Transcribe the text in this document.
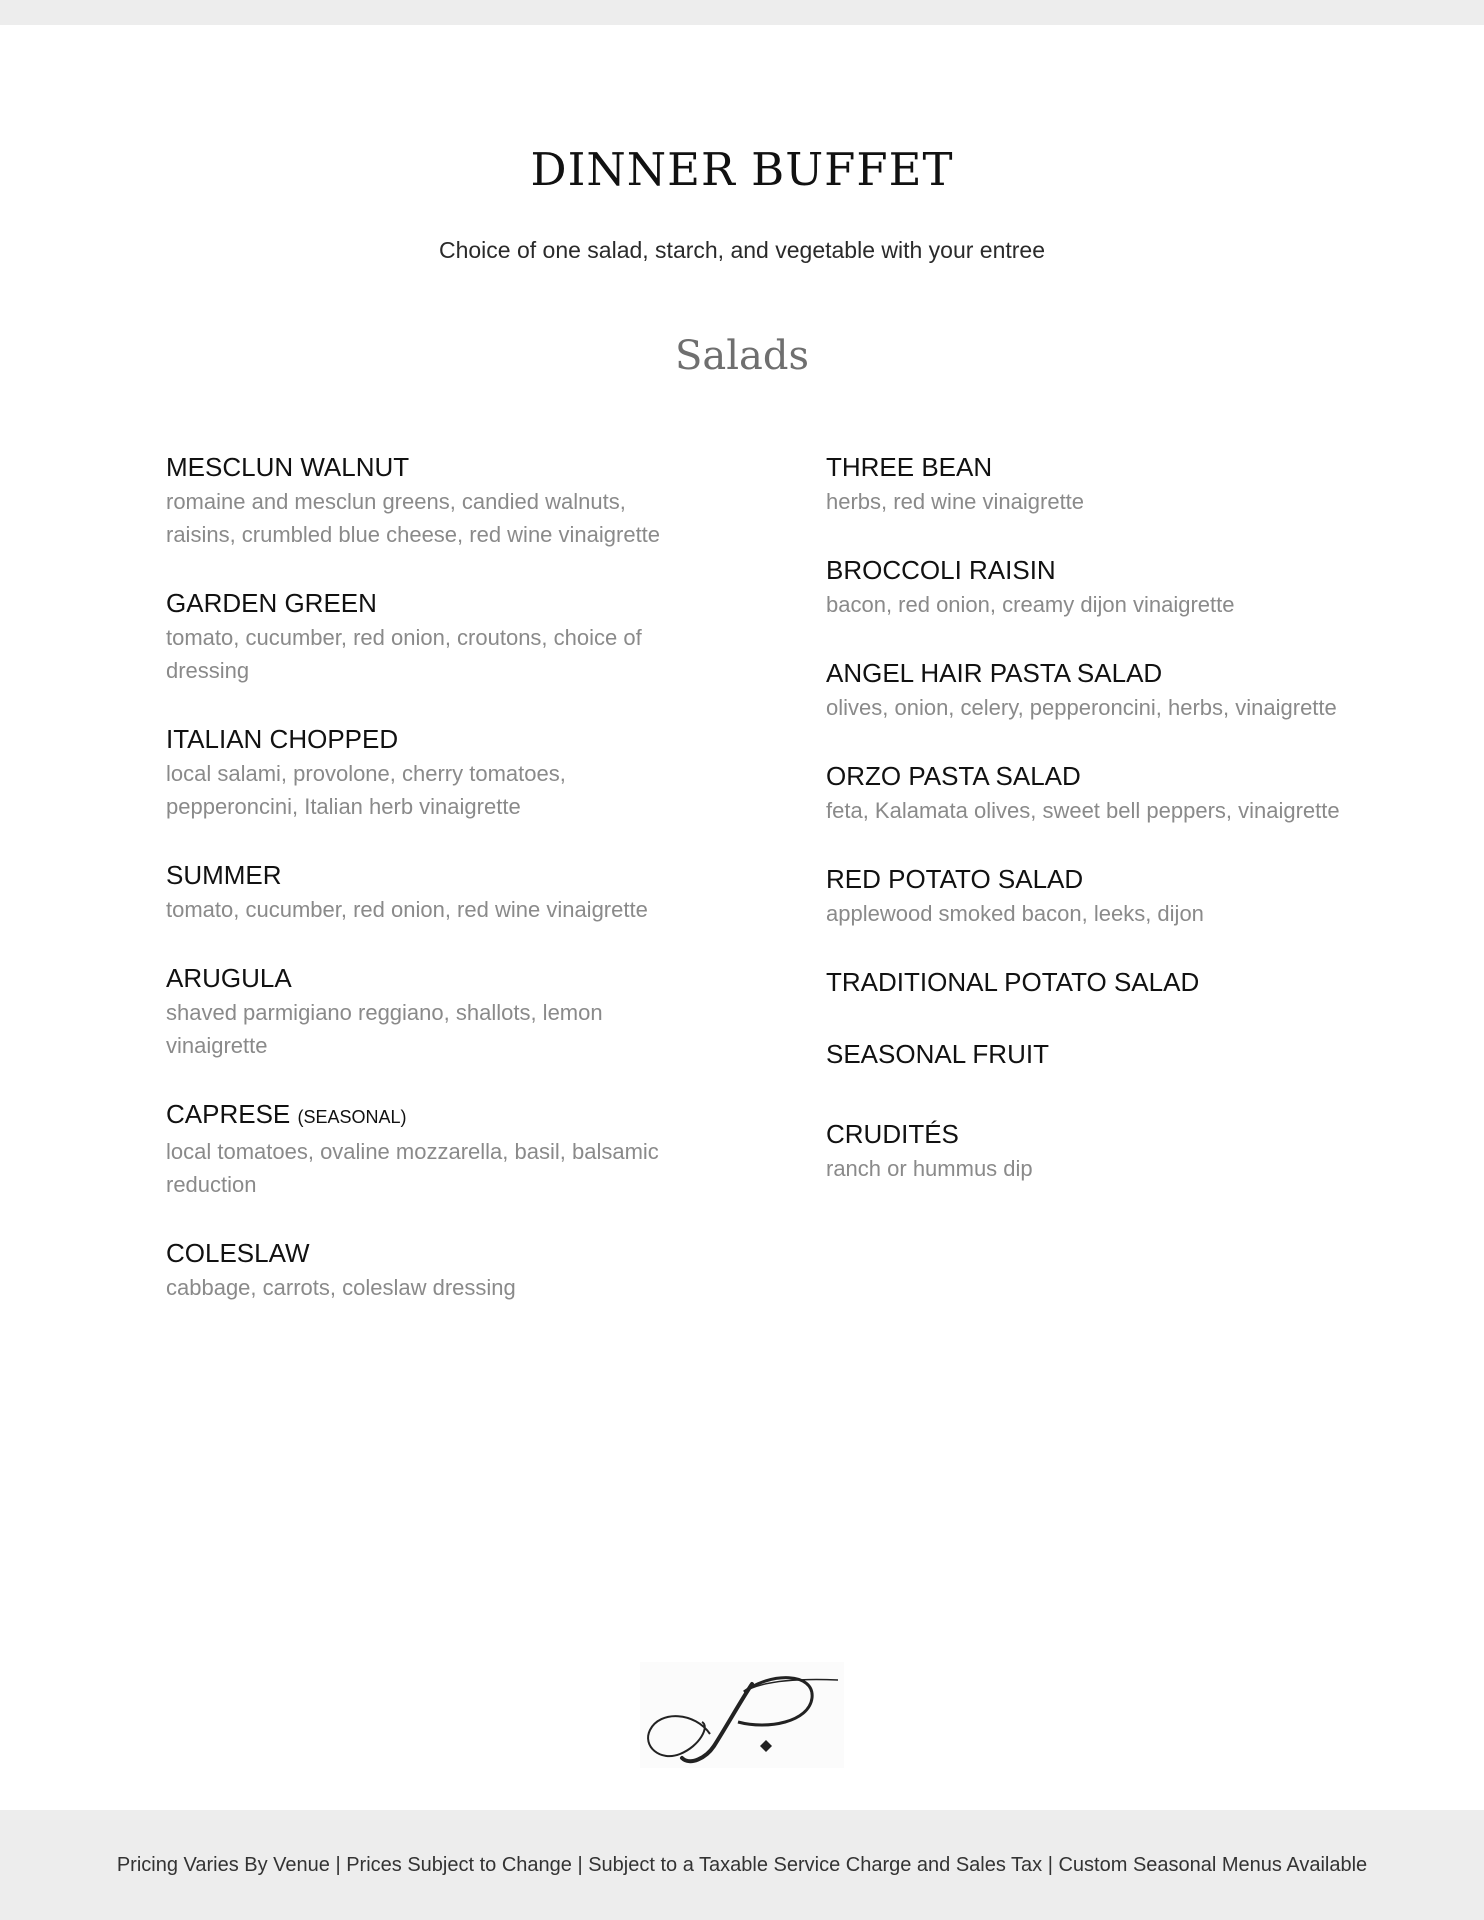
DINNER BUFFET
Choice of one salad, starch, and vegetable with your entree
Salads
MESCLUN WALNUT
romaine and mesclun greens, candied walnuts, raisins, crumbled blue cheese, red wine vinaigrette
GARDEN GREEN
tomato, cucumber, red onion, croutons, choice of dressing
ITALIAN CHOPPED
local salami, provolone, cherry tomatoes, pepperoncini, Italian herb vinaigrette
SUMMER
tomato, cucumber, red onion, red wine vinaigrette
ARUGULA
shaved parmigiano reggiano, shallots, lemon vinaigrette
CAPRESE (SEASONAL)
local tomatoes, ovaline mozzarella, basil, balsamic reduction
COLESLAW
cabbage, carrots, coleslaw dressing
THREE BEAN
herbs, red wine vinaigrette
BROCCOLI RAISIN
bacon, red onion, creamy dijon vinaigrette
ANGEL HAIR PASTA SALAD
olives, onion, celery, pepperoncini, herbs, vinaigrette
ORZO PASTA SALAD
feta, Kalamata olives, sweet bell peppers, vinaigrette
RED POTATO SALAD
applewood smoked bacon, leeks, dijon
TRADITIONAL POTATO SALAD
SEASONAL FRUIT
CRUDITÉS
ranch or hummus dip
Pricing Varies By Venue | Prices Subject to Change | Subject to a Taxable Service Charge and Sales Tax | Custom Seasonal Menus Available
